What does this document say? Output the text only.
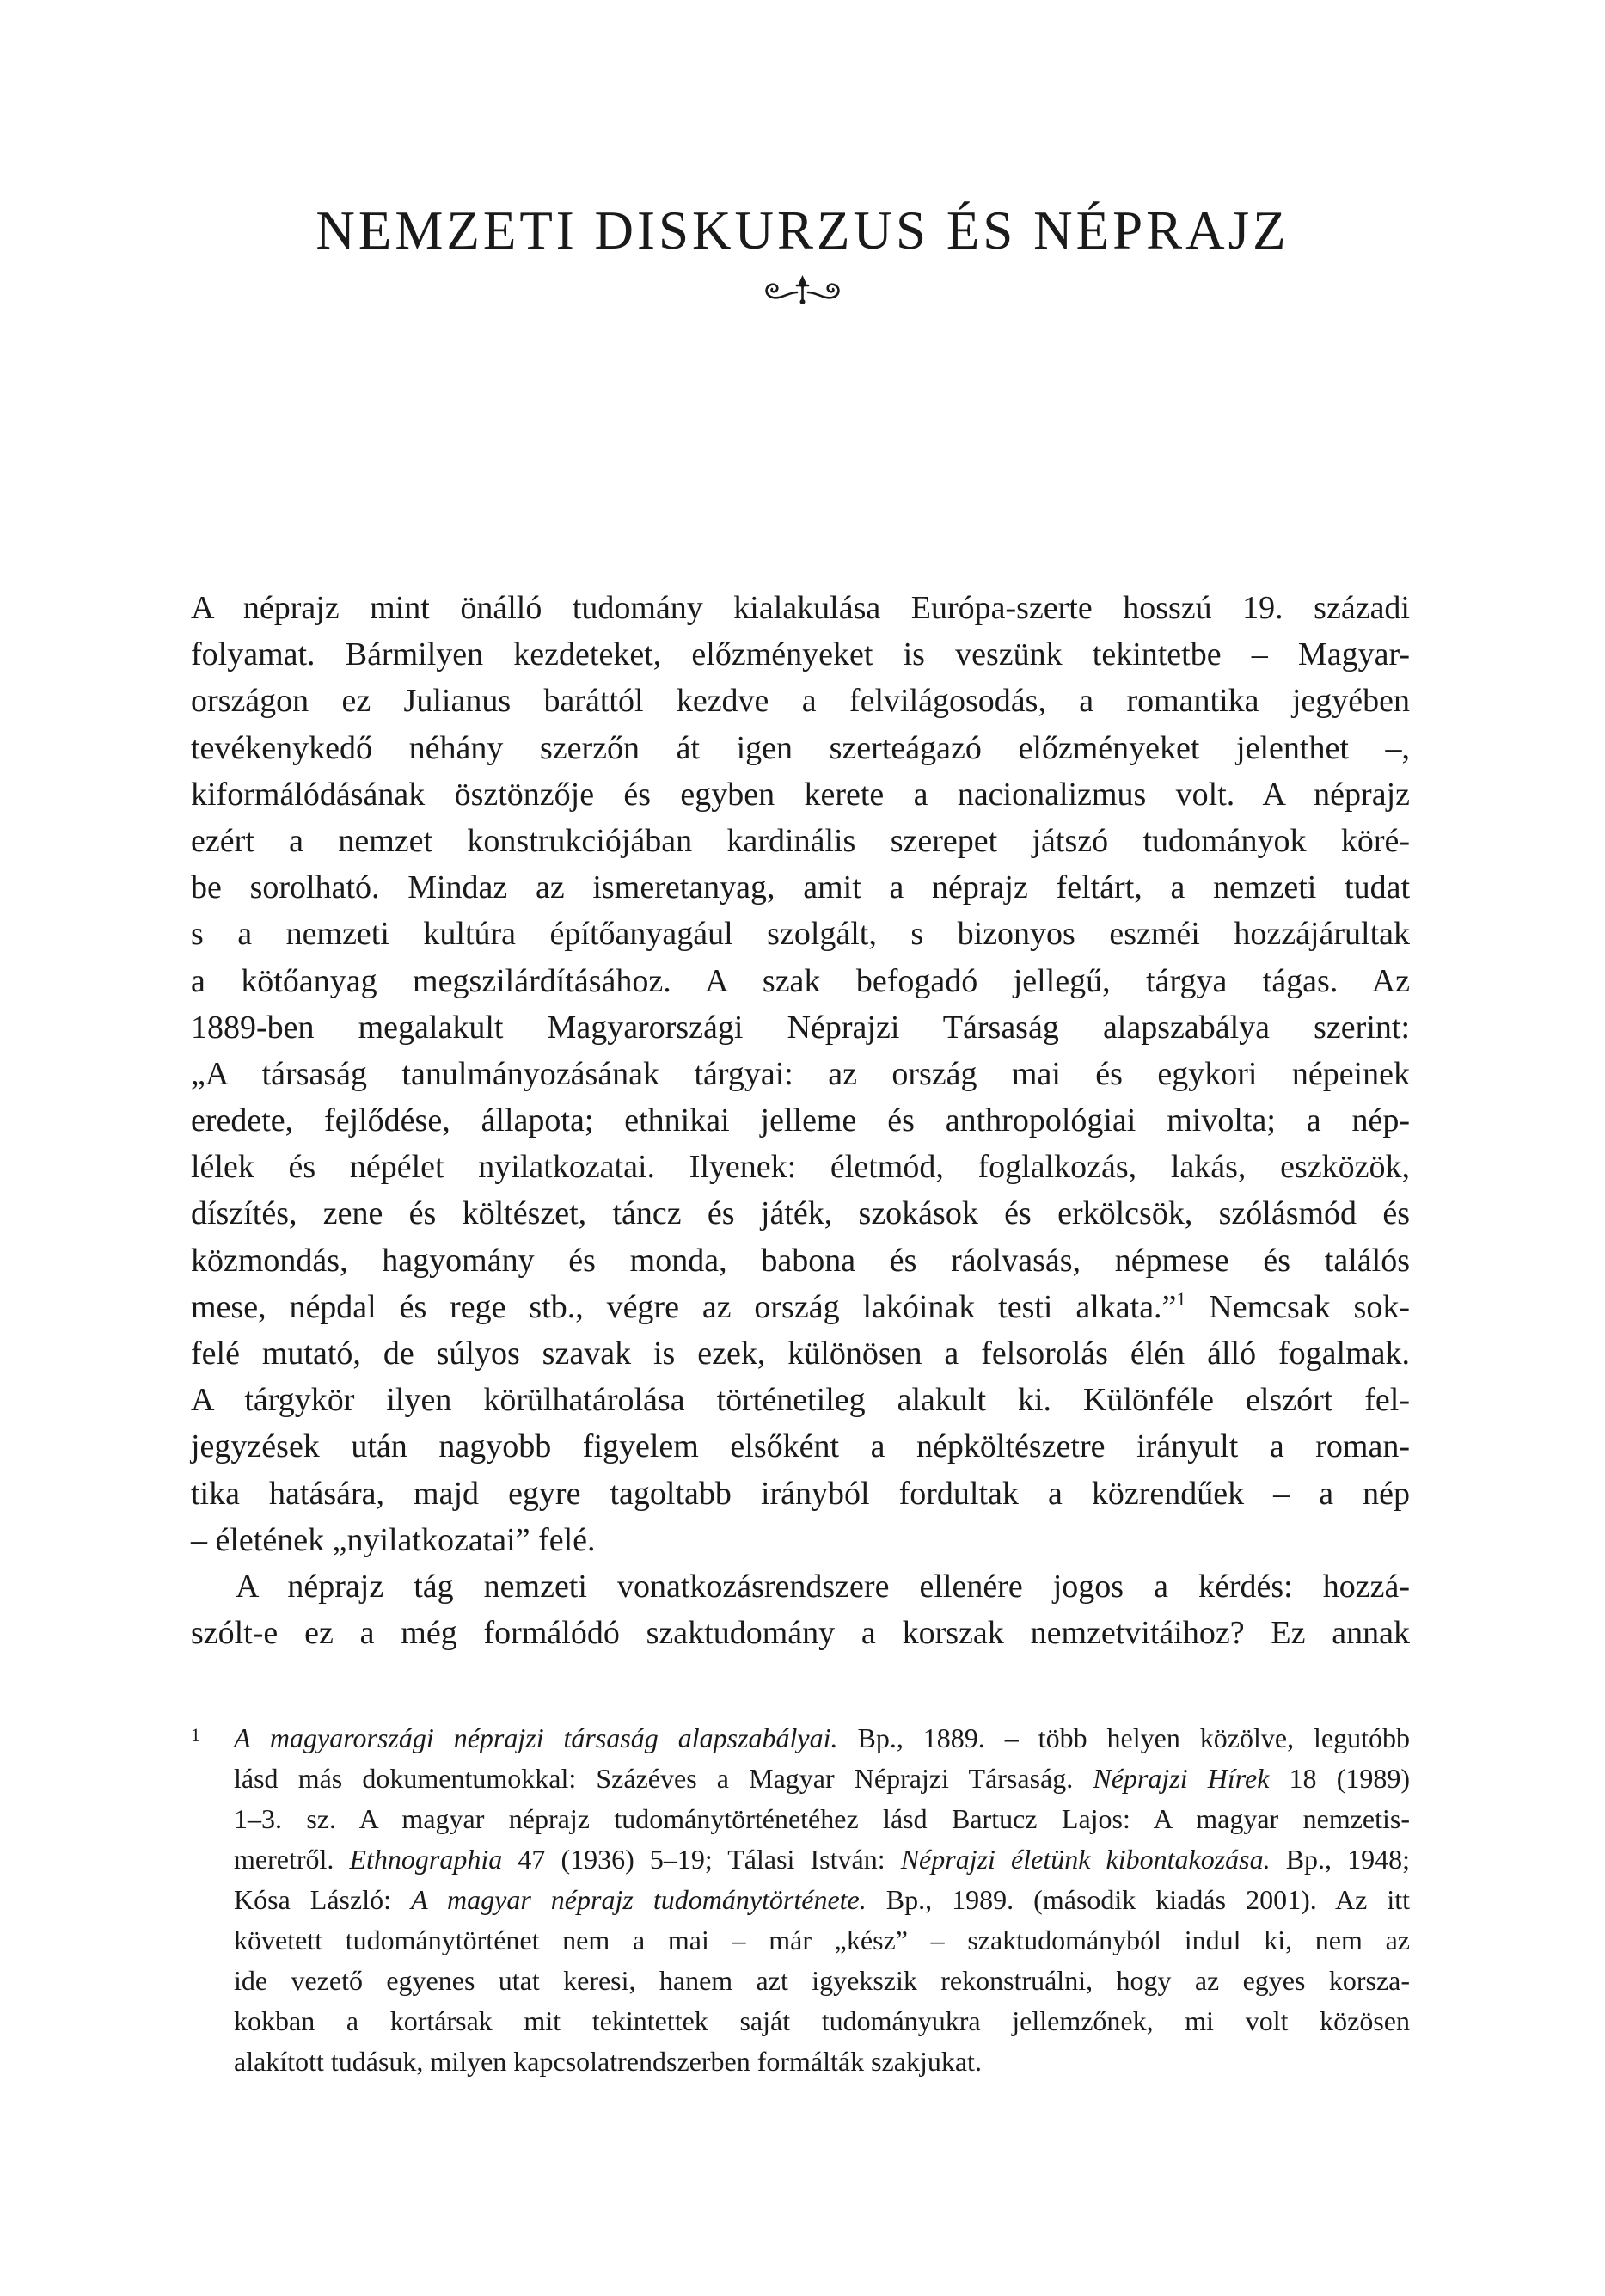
NEMZETI DISKURZUS ÉS NÉPRAJZ
A néprajz mint önálló tudomány kialakulása Európa-szerte hosszú 19. századi
folyamat. Bármilyen kezdeteket, előzményeket is veszünk tekintetbe – Magyar-
országon ez Julianus baráttól kezdve a felvilágosodás, a romantika jegyében
tevékenykedő néhány szerzőn át igen szerteágazó előzményeket jelenthet –,
kiformálódásának ösztönzője és egyben kerete a nacionalizmus volt. A néprajz
ezért a nemzet konstrukciójában kardinális szerepet játszó tudományok köré-
be sorolható. Mindaz az ismeretanyag, amit a néprajz feltárt, a nemzeti tudat
s a nemzeti kultúra építőanyagául szolgált, s bizonyos eszméi hozzájárultak
a kötőanyag megszilárdításához. A szak befogadó jellegű, tárgya tágas. Az
1889-ben megalakult Magyarországi Néprajzi Társaság alapszabálya szerint:
„A társaság tanulmányozásának tárgyai: az ország mai és egykori népeinek
eredete, fejlődése, állapota; ethnikai jelleme és anthropológiai mivolta; a nép-
lélek és népélet nyilatkozatai. Ilyenek: életmód, foglalkozás, lakás, eszközök,
díszítés, zene és költészet, táncz és játék, szokások és erkölcsök, szólásmód és
közmondás, hagyomány és monda, babona és ráolvasás, népmese és találós
mese, népdal és rege stb., végre az ország lakóinak testi alkata.”$^1$ Nemcsak sok-
felé mutató, de súlyos szavak is ezek, különösen a felsorolás élén álló fogalmak.
A tárgykör ilyen körülhatárolása történetileg alakult ki. Különféle elszórt fel-
jegyzések után nagyobb figyelem elsőként a népköltészetre irányult a roman-
tika hatására, majd egyre tagoltabb irányból fordultak a közrendűek – a nép
– életének „nyilatkozatai” felé.
A néprajz tág nemzeti vonatkozásrendszere ellenére jogos a kérdés: hozzá-
szólt-e ez a még formálódó szaktudomány a korszak nemzetvitáihoz? Ez annak
1 A magyarországi néprajzi társaság alapszabályai. Bp., 1889. – több helyen közölve, legutóbb
lásd más dokumentumokkal: Százéves a Magyar Néprajzi Társaság. Néprajzi Hírek 18 (1989)
1–3. sz. A magyar néprajz tudománytörténetéhez lásd Bartucz Lajos: A magyar nemzetis-
meretről. Ethnographia 47 (1936) 5–19; Tálasi István: Néprajzi életünk kibontakozása. Bp., 1948;
Kósa László: A magyar néprajz tudománytörténete. Bp., 1989. (második kiadás 2001). Az itt
követett tudománytörténet nem a mai – már „kész” – szaktudományból indul ki, nem az
ide vezető egyenes utat keresi, hanem azt igyekszik rekonstruálni, hogy az egyes korsza-
kokban a kortársak mit tekintettek saját tudományukra jellemzőnek, mi volt közösen
alakított tudásuk, milyen kapcsolatrendszerben formálták szakjukat.
